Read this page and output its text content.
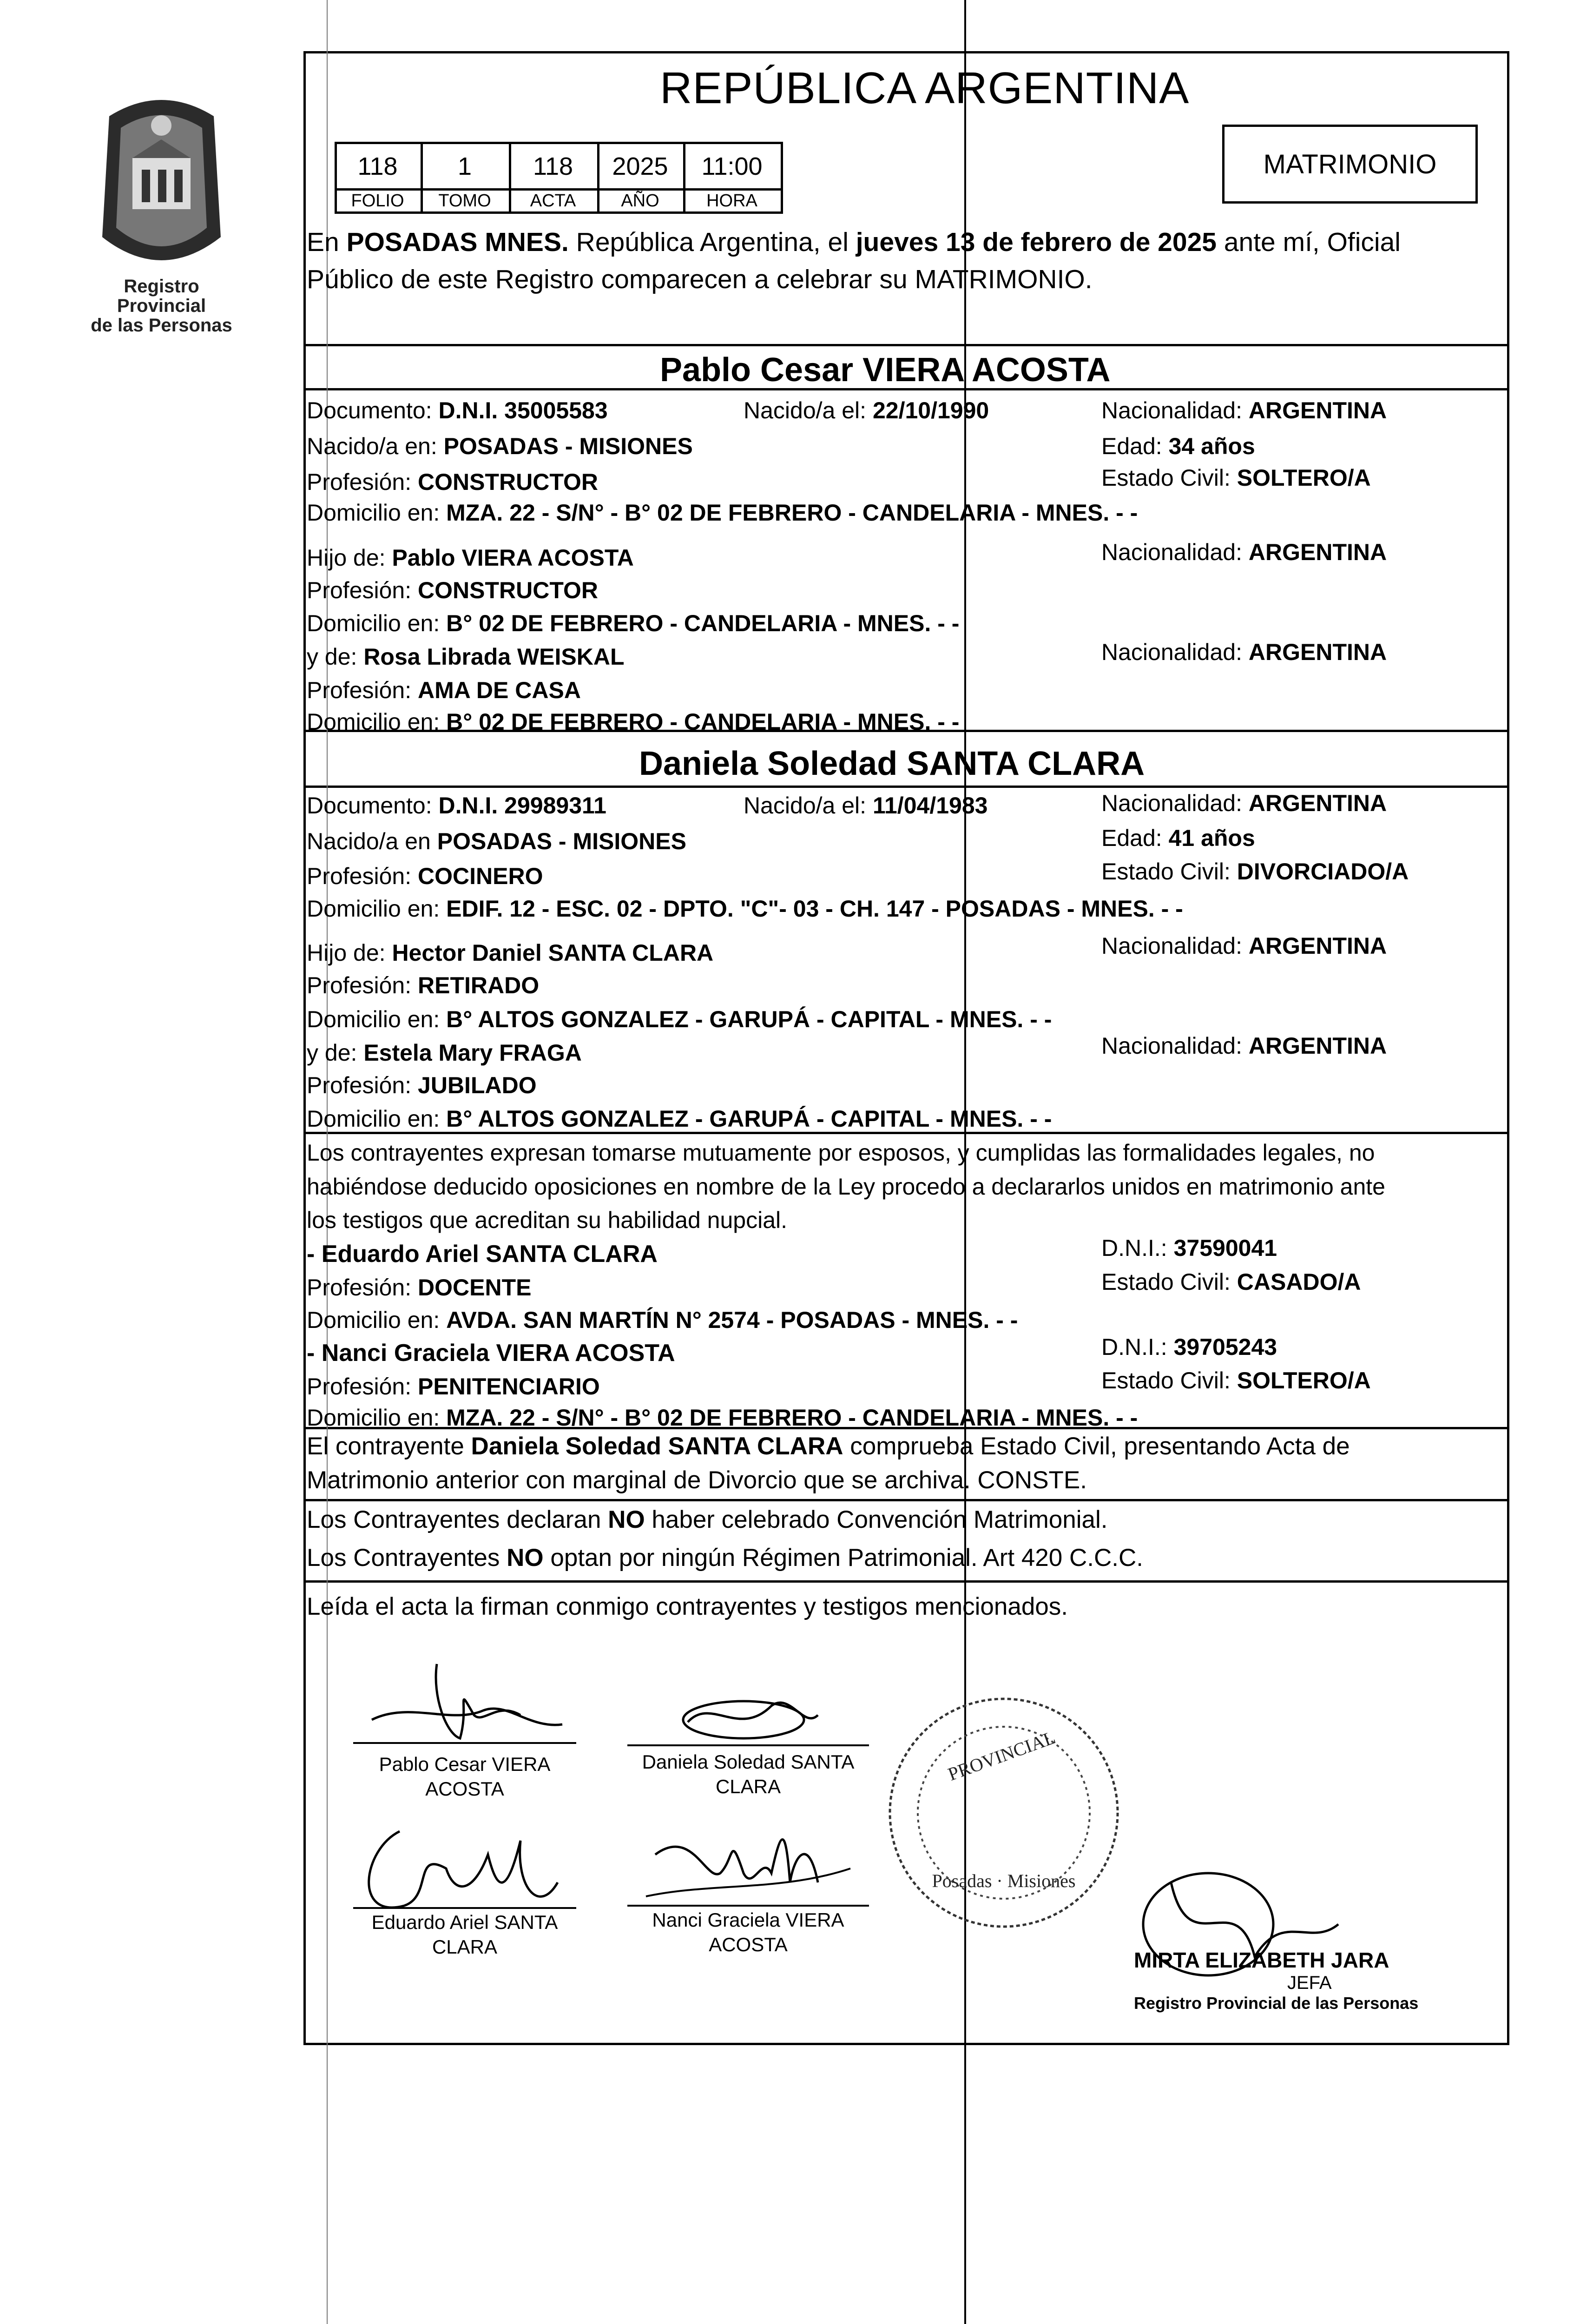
Registro Provincial
de las Personas
REPÚBLICA ARGENTINA
118	1	118	2025	11:00
FOLIO	TOMO	ACTA	AÑO	HORA
MATRIMONIO
En POSADAS MNES. República Argentina, el jueves 13 de febrero de 2025 ante mí, Oficial
Público de este Registro comparecen a celebrar su MATRIMONIO.
Pablo Cesar VIERA ACOSTA
Documento: D.N.I. 35005583	Nacido/a el: 22/10/1990	Nacionalidad: ARGENTINA
Nacido/a en: POSADAS - MISIONES	Edad: 34 años
Profesión: CONSTRUCTOR	Estado Civil: SOLTERO/A
Domicilio en: MZA. 22 - S/N° - B° 02 DE FEBRERO - CANDELARIA - MNES. - -
Hijo de: Pablo VIERA ACOSTA	Nacionalidad: ARGENTINA
Profesión: CONSTRUCTOR
Domicilio en: B° 02 DE FEBRERO - CANDELARIA - MNES. - -
y de: Rosa Librada WEISKAL	Nacionalidad: ARGENTINA
Profesión: AMA DE CASA
Domicilio en: B° 02 DE FEBRERO - CANDELARIA - MNES. - -
Daniela Soledad SANTA CLARA
Documento: D.N.I. 29989311	Nacido/a el: 11/04/1983	Nacionalidad: ARGENTINA
Nacido/a en POSADAS - MISIONES	Edad: 41 años
Profesión: COCINERO	Estado Civil: DIVORCIADO/A
Domicilio en: EDIF. 12 - ESC. 02 - DPTO. "C"- 03 - CH. 147 - POSADAS - MNES. - -
Hijo de: Hector Daniel SANTA CLARA	Nacionalidad: ARGENTINA
Profesión: RETIRADO
Domicilio en: B° ALTOS GONZALEZ - GARUPÁ - CAPITAL - MNES. - -
y de: Estela Mary FRAGA	Nacionalidad: ARGENTINA
Profesión: JUBILADO
Domicilio en: B° ALTOS GONZALEZ - GARUPÁ - CAPITAL - MNES. - -
Los contrayentes expresan tomarse mutuamente por esposos, y cumplidas las formalidades legales, no
habiéndose deducido oposiciones en nombre de la Ley procedo a declararlos unidos en matrimonio ante
los testigos que acreditan su habilidad nupcial.
- Eduardo Ariel SANTA CLARA	D.N.I.: 37590041
Profesión: DOCENTE	Estado Civil: CASADO/A
Domicilio en: AVDA. SAN MARTÍN N° 2574 - POSADAS - MNES. - -
- Nanci Graciela VIERA ACOSTA	D.N.I.: 39705243
Profesión: PENITENCIARIO	Estado Civil: SOLTERO/A
Domicilio en: MZA. 22 - S/N° - B° 02 DE FEBRERO - CANDELARIA - MNES. - -
El contrayente Daniela Soledad SANTA CLARA comprueba Estado Civil, presentando Acta de
Matrimonio anterior con marginal de Divorcio que se archiva. CONSTE.
Los Contrayentes declaran NO haber celebrado Convención Matrimonial.
Los Contrayentes NO optan por ningún Régimen Patrimonial. Art 420 C.C.C.
Leída el acta la firman conmigo contrayentes y testigos mencionados.
Pablo Cesar VIERA
ACOSTA
Daniela Soledad SANTA
CLARA
Eduardo Ariel SANTA
CLARA
Nanci Graciela VIERA
ACOSTA
PROVINCIAL
Posadas · Misiones
MIRTA ELIZABETH JARA
JEFA
Registro Provincial de las Personas
